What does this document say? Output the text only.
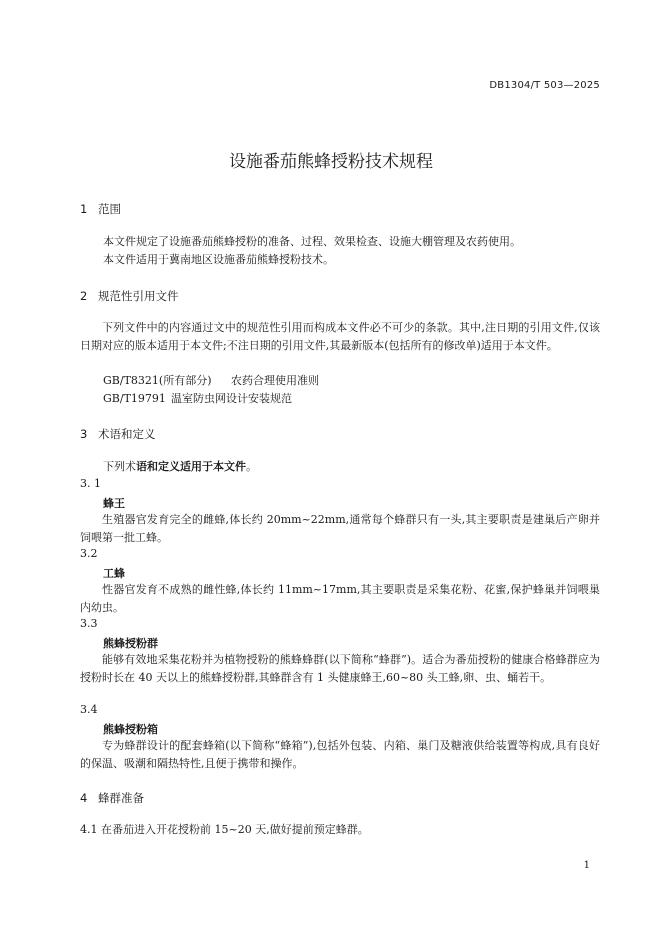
DB1304/T 503—2025
设施番茄熊蜂授粉技术规程
1 范围
本文件规定了设施番茄熊蜂授粉的准备、过程、效果检查、设施大棚管理及农药使用。
本文件适用于冀南地区设施番茄熊蜂授粉技术。
2 规范性引用文件
下列文件中的内容通过文中的规范性引用而构成本文件必不可少的条款。其中,注日期的引用文件,仅该日期对应的版本适用于本文件;不注日期的引用文件,其最新版本(包括所有的修改单)适用于本文件。
GB/T8321(所有部分) 农药合理使用准则
GB/T19791 温室防虫网设计安装规范
3 术语和定义
下列术语和定义适用于本文件。
3. 1
蜂王
生殖器官发育完全的雌蜂,体长约 20mm~22mm,通常每个蜂群只有一头,其主要职责是建巢后产卵并饲喂第一批工蜂。
3.2
工蜂
性器官发育不成熟的雌性蜂,体长约 11mm~17mm,其主要职责是采集花粉、花蜜,保护蜂巢并饲喂巢内幼虫。
3.3
熊蜂授粉群
能够有效地采集花粉并为植物授粉的熊蜂蜂群(以下简称“蜂群”)。适合为番茄授粉的健康合格蜂群应为授粉时长在 40 天以上的熊蜂授粉群,其蜂群含有 1 头健康蜂王,60~80 头工蜂,卵、虫、蛹若干。
3.4
熊蜂授粉箱
专为蜂群设计的配套蜂箱(以下简称“蜂箱”),包括外包装、内箱、巢门及糖液供给装置等构成,具有良好的保温、吸潮和隔热特性,且便于携带和操作。
4 蜂群准备
4.1 在番茄进入开花授粉前 15~20 天,做好提前预定蜂群。
1
